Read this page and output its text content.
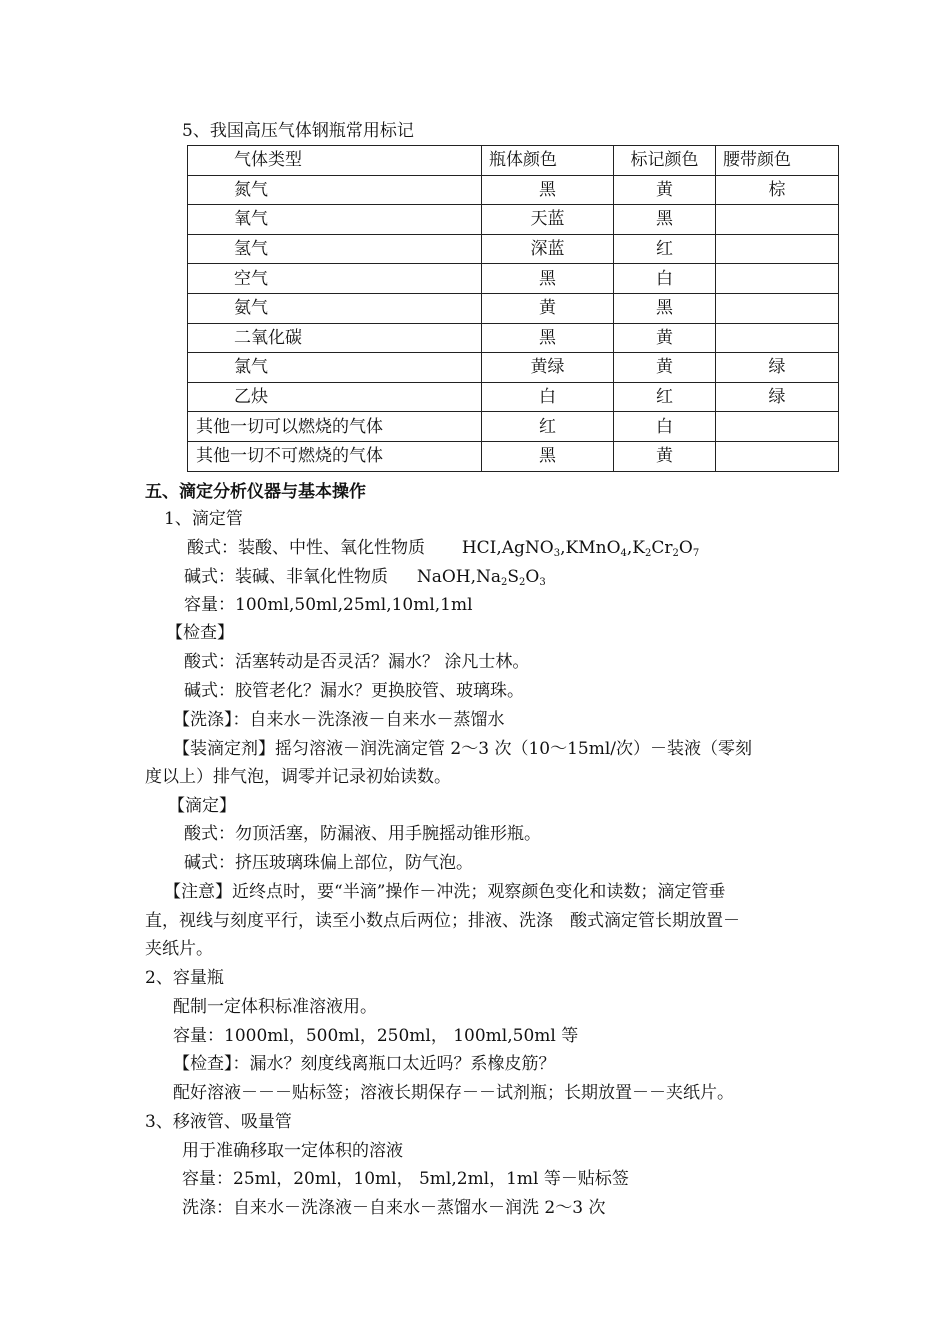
5、我国高压气体钢瓶常用标记
气体类型	瓶体颜色	标记颜色	腰带颜色
氮气	黑	黄	棕
氧气	天蓝	黑	
氢气	深蓝	红	
空气	黑	白	
氨气	黄	黑	
二氧化碳	黑	黄	
氯气	黄绿	黄	绿
乙炔	白	红	绿
其他一切可以燃烧的气体	红	白	
其他一切不可燃烧的气体	黑	黄	
五、滴定分析仪器与基本操作
1、滴定管
酸式：装酸、中性、氧化性物质 $HCI,AgNO_3,KMnO_4,K_2Cr_2O_7$
碱式：装碱、非氧化性物质 $NaOH,Na_2S_2O_3$
容量：100ml,50ml,25ml,10ml,1ml
【检查】
酸式：活塞转动是否灵活？漏水？ 涂凡士林。
碱式：胶管老化？漏水？更换胶管、玻璃珠。
【洗涤】：自来水－洗涤液－自来水－蒸馏水
【装滴定剂】摇匀溶液－润洗滴定管 2～3 次（10～15ml/次）－装液（零刻
度以上）排气泡，调零并记录初始读数。
【滴定】
酸式：勿顶活塞，防漏液、用手腕摇动锥形瓶。
碱式：挤压玻璃珠偏上部位，防气泡。
【注意】近终点时，要“半滴”操作－冲洗；观察颜色变化和读数；滴定管垂
直，视线与刻度平行，读至小数点后两位；排液、洗涤　酸式滴定管长期放置－
夹纸片。
2、容量瓶
配制一定体积标准溶液用。
容量：1000ml，500ml，250ml， 100ml,50ml 等
【检查】：漏水？刻度线离瓶口太近吗？系橡皮筋？
配好溶液－－－贴标签；溶液长期保存－－试剂瓶；长期放置－－夹纸片。
3、移液管、吸量管
用于准确移取一定体积的溶液
容量：25ml，20ml，10ml， 5ml,2ml，1ml 等－贴标签
洗涤：自来水－洗涤液－自来水－蒸馏水－润洗 2～3 次
